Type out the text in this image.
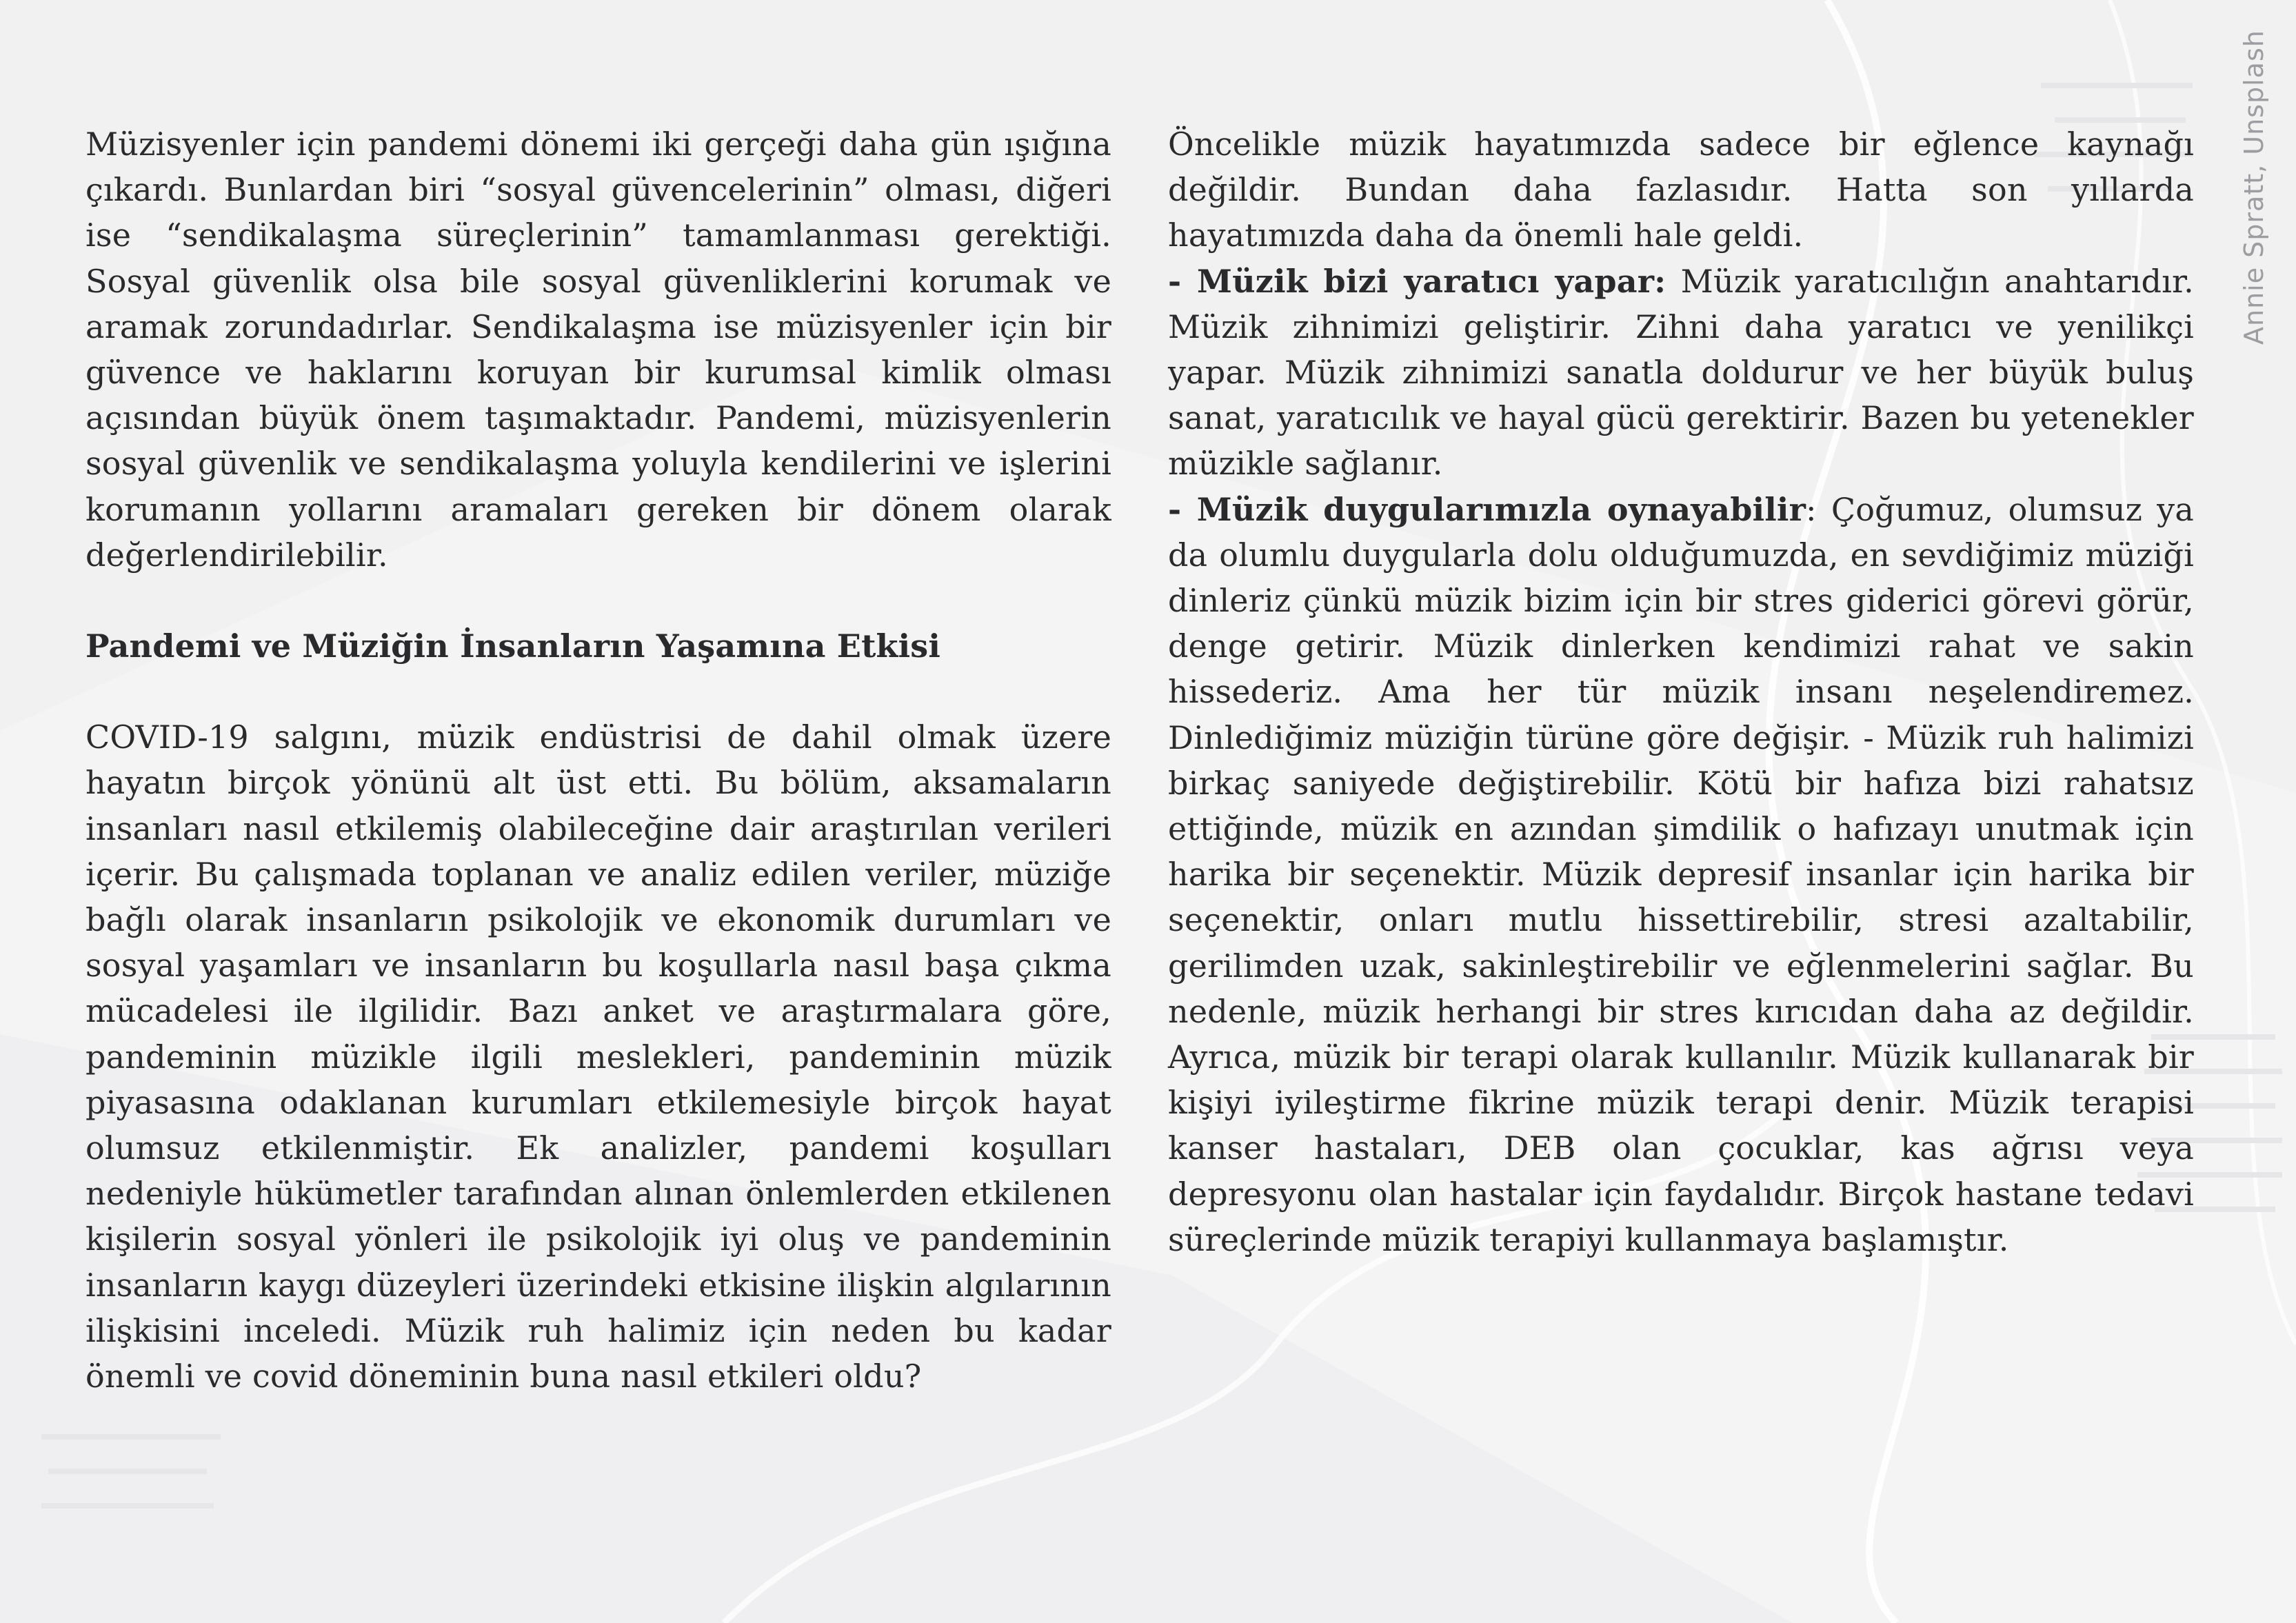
Annie Spratt, Unsplash

Müzisyenler için pandemi dönemi iki gerçeği daha gün ışığına çıkardı. Bunlardan biri “sosyal güvencelerinin” olması, diğeri ise “sendikalaşma süreçlerinin” tamamlanması gerektiği. Sosyal güvenlik olsa bile sosyal güvenliklerini korumak ve aramak zorundadırlar. Sendikalaşma ise müzisyenler için bir güvence ve haklarını koruyan bir kurumsal kimlik olması açısından büyük önem taşımaktadır. Pandemi, müzisyenlerin sosyal güvenlik ve sendikalaşma yoluyla kendilerini ve işlerini korumanın yollarını aramaları gereken bir dönem olarak değerlendirilebilir.

Pandemi ve Müziğin İnsanların Yaşamına Etkisi

COVID-19 salgını, müzik endüstrisi de dahil olmak üzere hayatın birçok yönünü alt üst etti. Bu bölüm, aksamaların insanları nasıl etkilemiş olabileceğine dair araştırılan verileri içerir. Bu çalışmada toplanan ve analiz edilen veriler, müziğe bağlı olarak insanların psikolojik ve ekonomik durumları ve sosyal yaşamları ve insanların bu koşullarla nasıl başa çıkma mücadelesi ile ilgilidir. Bazı anket ve araştırmalara göre, pandeminin müzikle ilgili meslekleri, pandeminin müzik piyasasına odaklanan kurumları etkilemesiyle birçok hayat olumsuz etkilenmiştir. Ek analizler, pandemi koşulları nedeniyle hükümetler tarafından alınan önlemlerden etkilenen kişilerin sosyal yönleri ile psikolojik iyi oluş ve pandeminin insanların kaygı düzeyleri üzerindeki etkisine ilişkin algılarının ilişkisini inceledi. Müzik ruh halimiz için neden bu kadar önemli ve covid döneminin buna nasıl etkileri oldu?

Öncelikle müzik hayatımızda sadece bir eğlence kaynağı değildir. Bundan daha fazlasıdır. Hatta son yıllarda hayatımızda daha da önemli hale geldi.

- Müzik bizi yaratıcı yapar: Müzik yaratıcılığın anahtarıdır. Müzik zihnimizi geliştirir. Zihni daha yaratıcı ve yenilikçi yapar. Müzik zihnimizi sanatla doldurur ve her büyük buluş sanat, yaratıcılık ve hayal gücü gerektirir. Bazen bu yetenekler müzikle sağlanır.

- Müzik duygularımızla oynayabilir: Çoğumuz, olumsuz ya da olumlu duygularla dolu olduğumuzda, en sevdiğimiz müziği dinleriz çünkü müzik bizim için bir stres giderici görevi görür, denge getirir. Müzik dinlerken kendimizi rahat ve sakin hissederiz. Ama her tür müzik insanı neşelendiremez. Dinlediğimiz müziğin türüne göre değişir. - Müzik ruh halimizi birkaç saniyede değiştirebilir. Kötü bir hafıza bizi rahatsız ettiğinde, müzik en azından şimdilik o hafızayı unutmak için harika bir seçenektir. Müzik depresif insanlar için harika bir seçenektir, onları mutlu hissettirebilir, stresi azaltabilir, gerilimden uzak, sakinleştirebilir ve eğlenmelerini sağlar. Bu nedenle, müzik herhangi bir stres kırıcıdan daha az değildir. Ayrıca, müzik bir terapi olarak kullanılır. Müzik kullanarak bir kişiyi iyileştirme fikrine müzik terapi denir. Müzik terapisi kanser hastaları, DEB olan çocuklar, kas ağrısı veya depresyonu olan hastalar için faydalıdır. Birçok hastane tedavi süreçlerinde müzik terapiyi kullanmaya başlamıştır.
